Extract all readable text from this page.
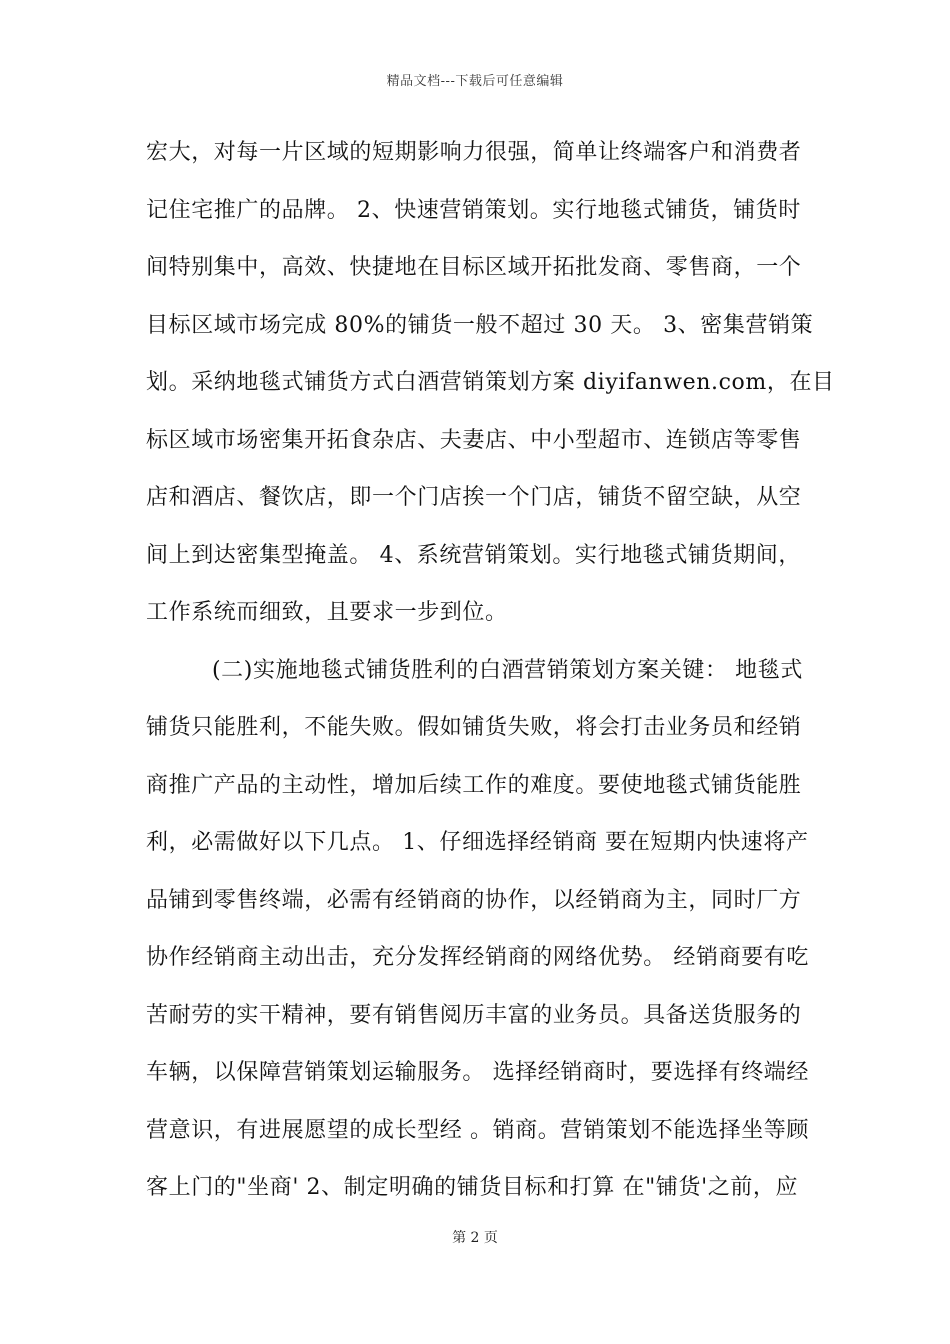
精品文档---下载后可任意编辑
宏大，对每一片区域的短期影响力很强，简单让终端客户和消费者
记住宅推广的品牌。 2、快速营销策划。实行地毯式铺货，铺货时
间特别集中，高效、快捷地在目标区域开拓批发商、零售商，一个
目标区域市场完成 80%的铺货一般不超过 30 天。 3、密集营销策
划。采纳地毯式铺货方式白酒营销策划方案 diyifanwen.com，在目
标区域市场密集开拓食杂店、夫妻店、中小型超市、连锁店等零售
店和酒店、餐饮店，即一个门店挨一个门店，铺货不留空缺，从空
间上到达密集型掩盖。 4、系统营销策划。实行地毯式铺货期间，
工作系统而细致，且要求一步到位。
(二)实施地毯式铺货胜利的白酒营销策划方案关键： 地毯式
铺货只能胜利，不能失败。假如铺货失败，将会打击业务员和经销
商推广产品的主动性，增加后续工作的难度。要使地毯式铺货能胜
利，必需做好以下几点。 1、仔细选择经销商 要在短期内快速将产
品铺到零售终端，必需有经销商的协作，以经销商为主，同时厂方
协作经销商主动出击，充分发挥经销商的网络优势。 经销商要有吃
苦耐劳的实干精神，要有销售阅历丰富的业务员。具备送货服务的
车辆，以保障营销策划运输服务。 选择经销商时，要选择有终端经
营意识，有进展愿望的成长型经 。销商。营销策划不能选择坐等顾
客上门的"坐商' 2、制定明确的铺货目标和打算 在"铺货'之前，应
第 2 页
